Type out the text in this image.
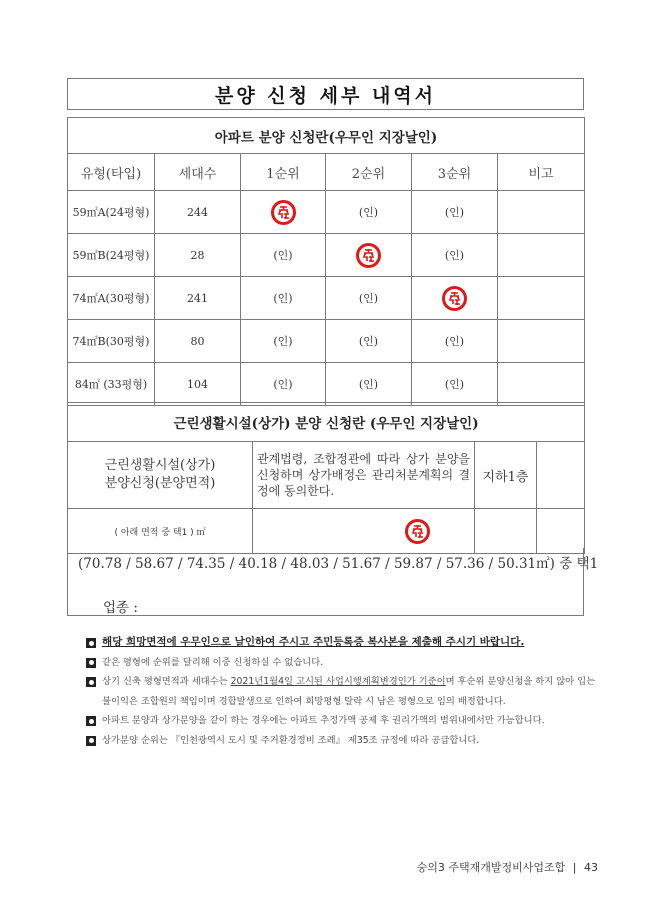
분양 신청 세부 내역서
아파트 분양 신청란(우무인 지장날인)					
유형(타입)	세대수	1순위	2순위	3순위	비고
59㎡A(24평형)	244		(인)	(인)	
59㎡B(24평형)	28	(인)		(인)	
74㎡A(30평형)	241	(인)	(인)	

74㎡B(30평형)	80	(인)	(인)	(인)	
84㎡ (33평형)	104	(인)	(인)	(인)	
근린생활시설(상가) 분양 신청란 (우무인 지장날인)			

근린생활시설(상가)
분양신청(분양면적)	관계법령, 조합정관에 따라 상가 분양을 신청하며 상가배정은 관리처분계획의 결정에 동의한다.	지하1층	
( 아래 면적 중 택1 ) ㎡	

(70.78 / 58.67 / 74.35 / 40.18 / 48.03 / 51.67 / 59.87 / 57.36 / 50.31㎡) 중 택1
업종 :
해당 희망면적에 우무인으로 날인하여 주시고 주민등록증 복사본을 제출해 주시기 바랍니다.
같은 평형에 순위를 달리해 이중 신청하실 수 없습니다.
상기 신축 평형면적과 세대수는 2021년1월4일 고시된 사업시행계획변경인가 기준이며 후순위 분양신청을 하지 않아 입는 불이익은 조합원의 책임이며 경합발생으로 인하여 희망평형 탈락 시 남은 평형으로 임의 배정합니다.
아파트 분양과 상가분양을 같이 하는 경우에는 아파트 추정가액 공제 후 권리가액의 범위내에서만 가능합니다.
상가분양 순위는 『인천광역시 도시 및 주거환경정비 조례』 제35조 규정에 따라 공급합니다.
숭의3 주택재개발정비사업조합 | 43
